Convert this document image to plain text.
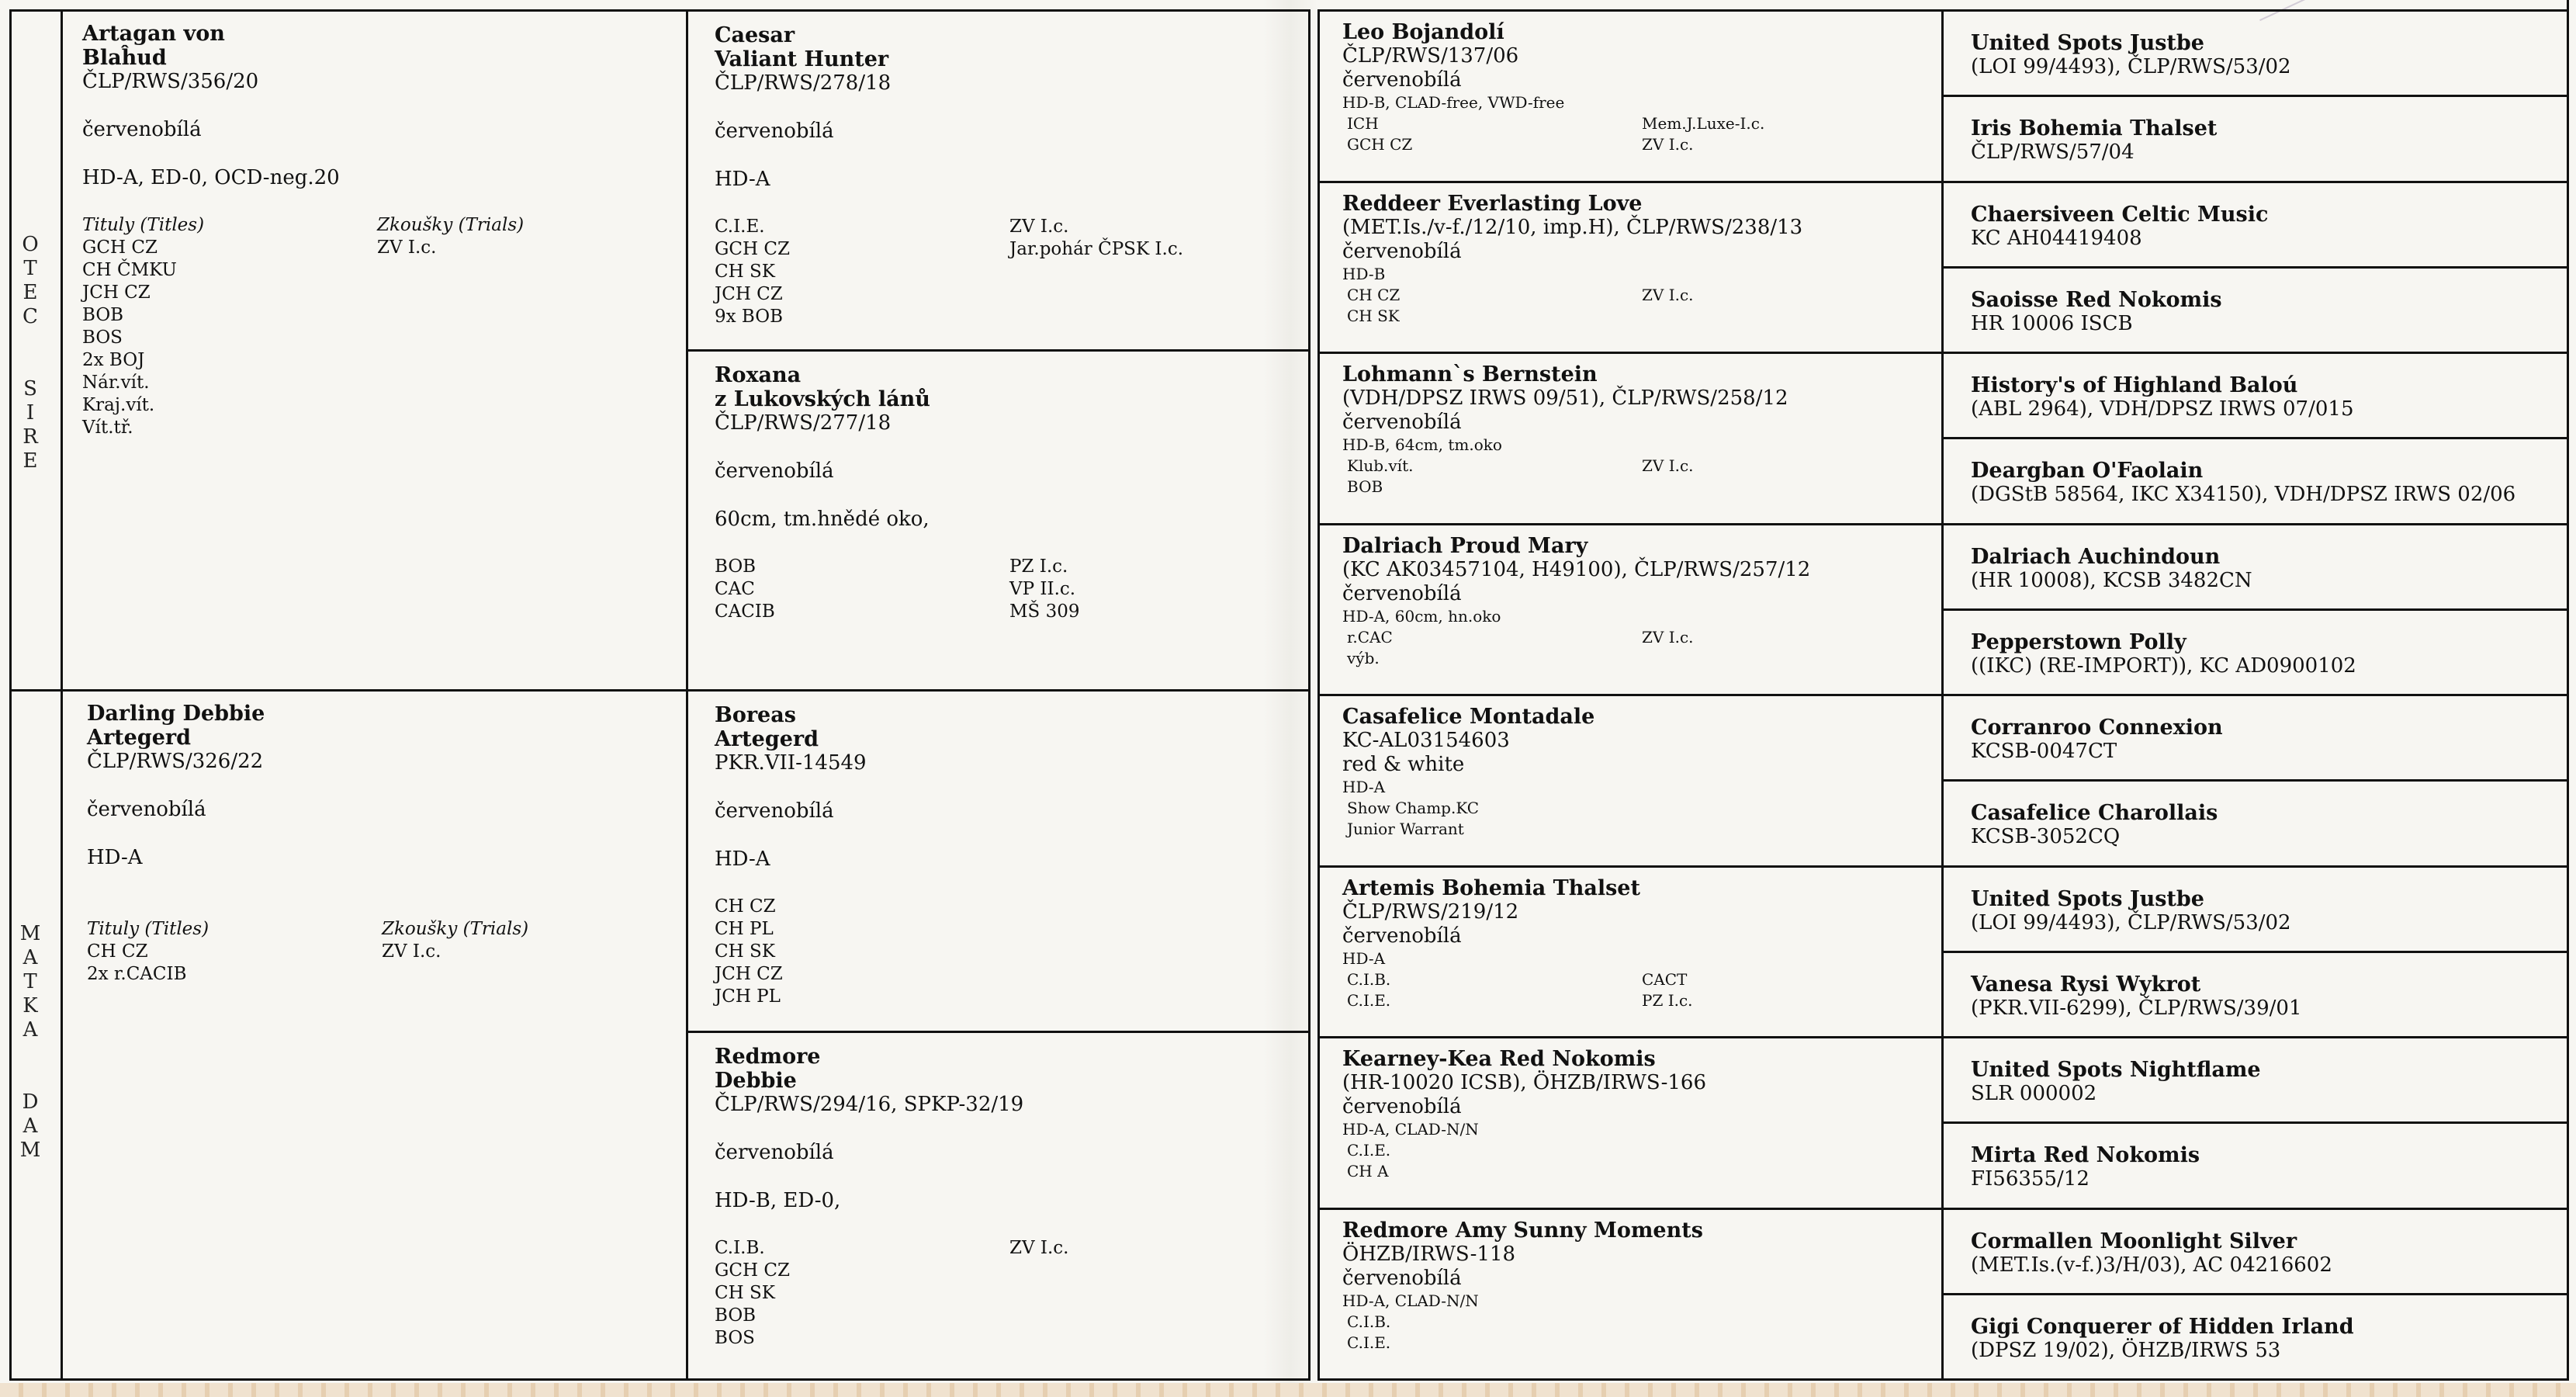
O
T
E
C

S
I
R
E
M
A
T
K
A

D
A
M
Artagan von
Blaĥud
ČLP/RWS/356/20
červenobílá
HD-A, ED-0, OCD-neg.20
Tituly (Titles)
GCH CZ
CH ČMKU
JCH CZ
BOB
BOS
2x BOJ
Nár.vít.
Kraj.vít.
Vít.tř.
Zkoušky (Trials)
ZV I.c.
Darling Debbie
Artegerd
ČLP/RWS/326/22
červenobílá
HD-A
Tituly (Titles)
CH CZ
2x r.CACIB
Zkoušky (Trials)
ZV I.c.
Caesar
Valiant Hunter
ČLP/RWS/278/18
červenobílá
HD-A
C.I.E.
GCH CZ
CH SK
JCH CZ
9x BOB
ZV I.c.
Jar.pohár ČPSK I.c.
Roxana
z Lukovských lánů
ČLP/RWS/277/18
červenobílá
60cm, tm.hnědé oko,
BOB
CAC
CACIB
PZ I.c.
VP II.c.
MŠ 309
Boreas
Artegerd
PKR.VII-14549
červenobílá
HD-A
CH CZ
CH PL
CH SK
JCH CZ
JCH PL
Redmore
Debbie
ČLP/RWS/294/16, SPKP-32/19
červenobílá
HD-B, ED-0,
C.I.B.
GCH CZ
CH SK
BOB
BOS
ZV I.c.
Leo Bojandolí
ČLP/RWS/137/06
červenobílá
HD-B, CLAD-free, VWD-free
ICH
GCH CZ
Mem.J.Luxe-I.c.
ZV I.c.
Reddeer Everlasting Love
(MET.Is./v-f./12/10, imp.H), ČLP/RWS/238/13
červenobílá
HD-B
CH CZ
CH SK
ZV I.c.
Lohmann`s Bernstein
(VDH/DPSZ IRWS 09/51), ČLP/RWS/258/12
červenobílá
HD-B, 64cm, tm.oko
Klub.vít.
BOB
ZV I.c.
Dalriach Proud Mary
(KC AK03457104, H49100), ČLP/RWS/257/12
červenobílá
HD-A, 60cm, hn.oko
r.CAC
výb.
ZV I.c.
Casafelice Montadale
KC-AL03154603
red & white
HD-A
Show Champ.KC
Junior Warrant
Artemis Bohemia Thalset
ČLP/RWS/219/12
červenobílá
HD-A
C.I.B.
C.I.E.
CACT
PZ I.c.
Kearney-Kea Red Nokomis
(HR-10020 ICSB), ÖHZB/IRWS-166
červenobílá
HD-A, CLAD-N/N
C.I.E.
CH A
Redmore Amy Sunny Moments
ÖHZB/IRWS-118
červenobílá
HD-A, CLAD-N/N
C.I.B.
C.I.E.
United Spots Justbe
(LOI 99/4493), ČLP/RWS/53/02
Iris Bohemia Thalset
ČLP/RWS/57/04
Chaersiveen Celtic Music
KC AH04419408
Saoisse Red Nokomis
HR 10006 ISCB
History's of Highland Baloú
(ABL 2964), VDH/DPSZ IRWS 07/015
Deargban O'Faolain
(DGStB 58564, IKC X34150), VDH/DPSZ IRWS 02/06
Dalriach Auchindoun
(HR 10008), KCSB 3482CN
Pepperstown Polly
((IKC) (RE-IMPORT)), KC AD0900102
Corranroo Connexion
KCSB-0047CT
Casafelice Charollais
KCSB-3052CQ
United Spots Justbe
(LOI 99/4493), ČLP/RWS/53/02
Vanesa Rysi Wykrot
(PKR.VII-6299), ČLP/RWS/39/01
United Spots Nightflame
SLR 000002
Mirta Red Nokomis
FI56355/12
Cormallen Moonlight Silver
(MET.Is.(v-f.)3/H/03), AC 04216602
Gigi Conquerer of Hidden Irland
(DPSZ 19/02), ÖHZB/IRWS 53
